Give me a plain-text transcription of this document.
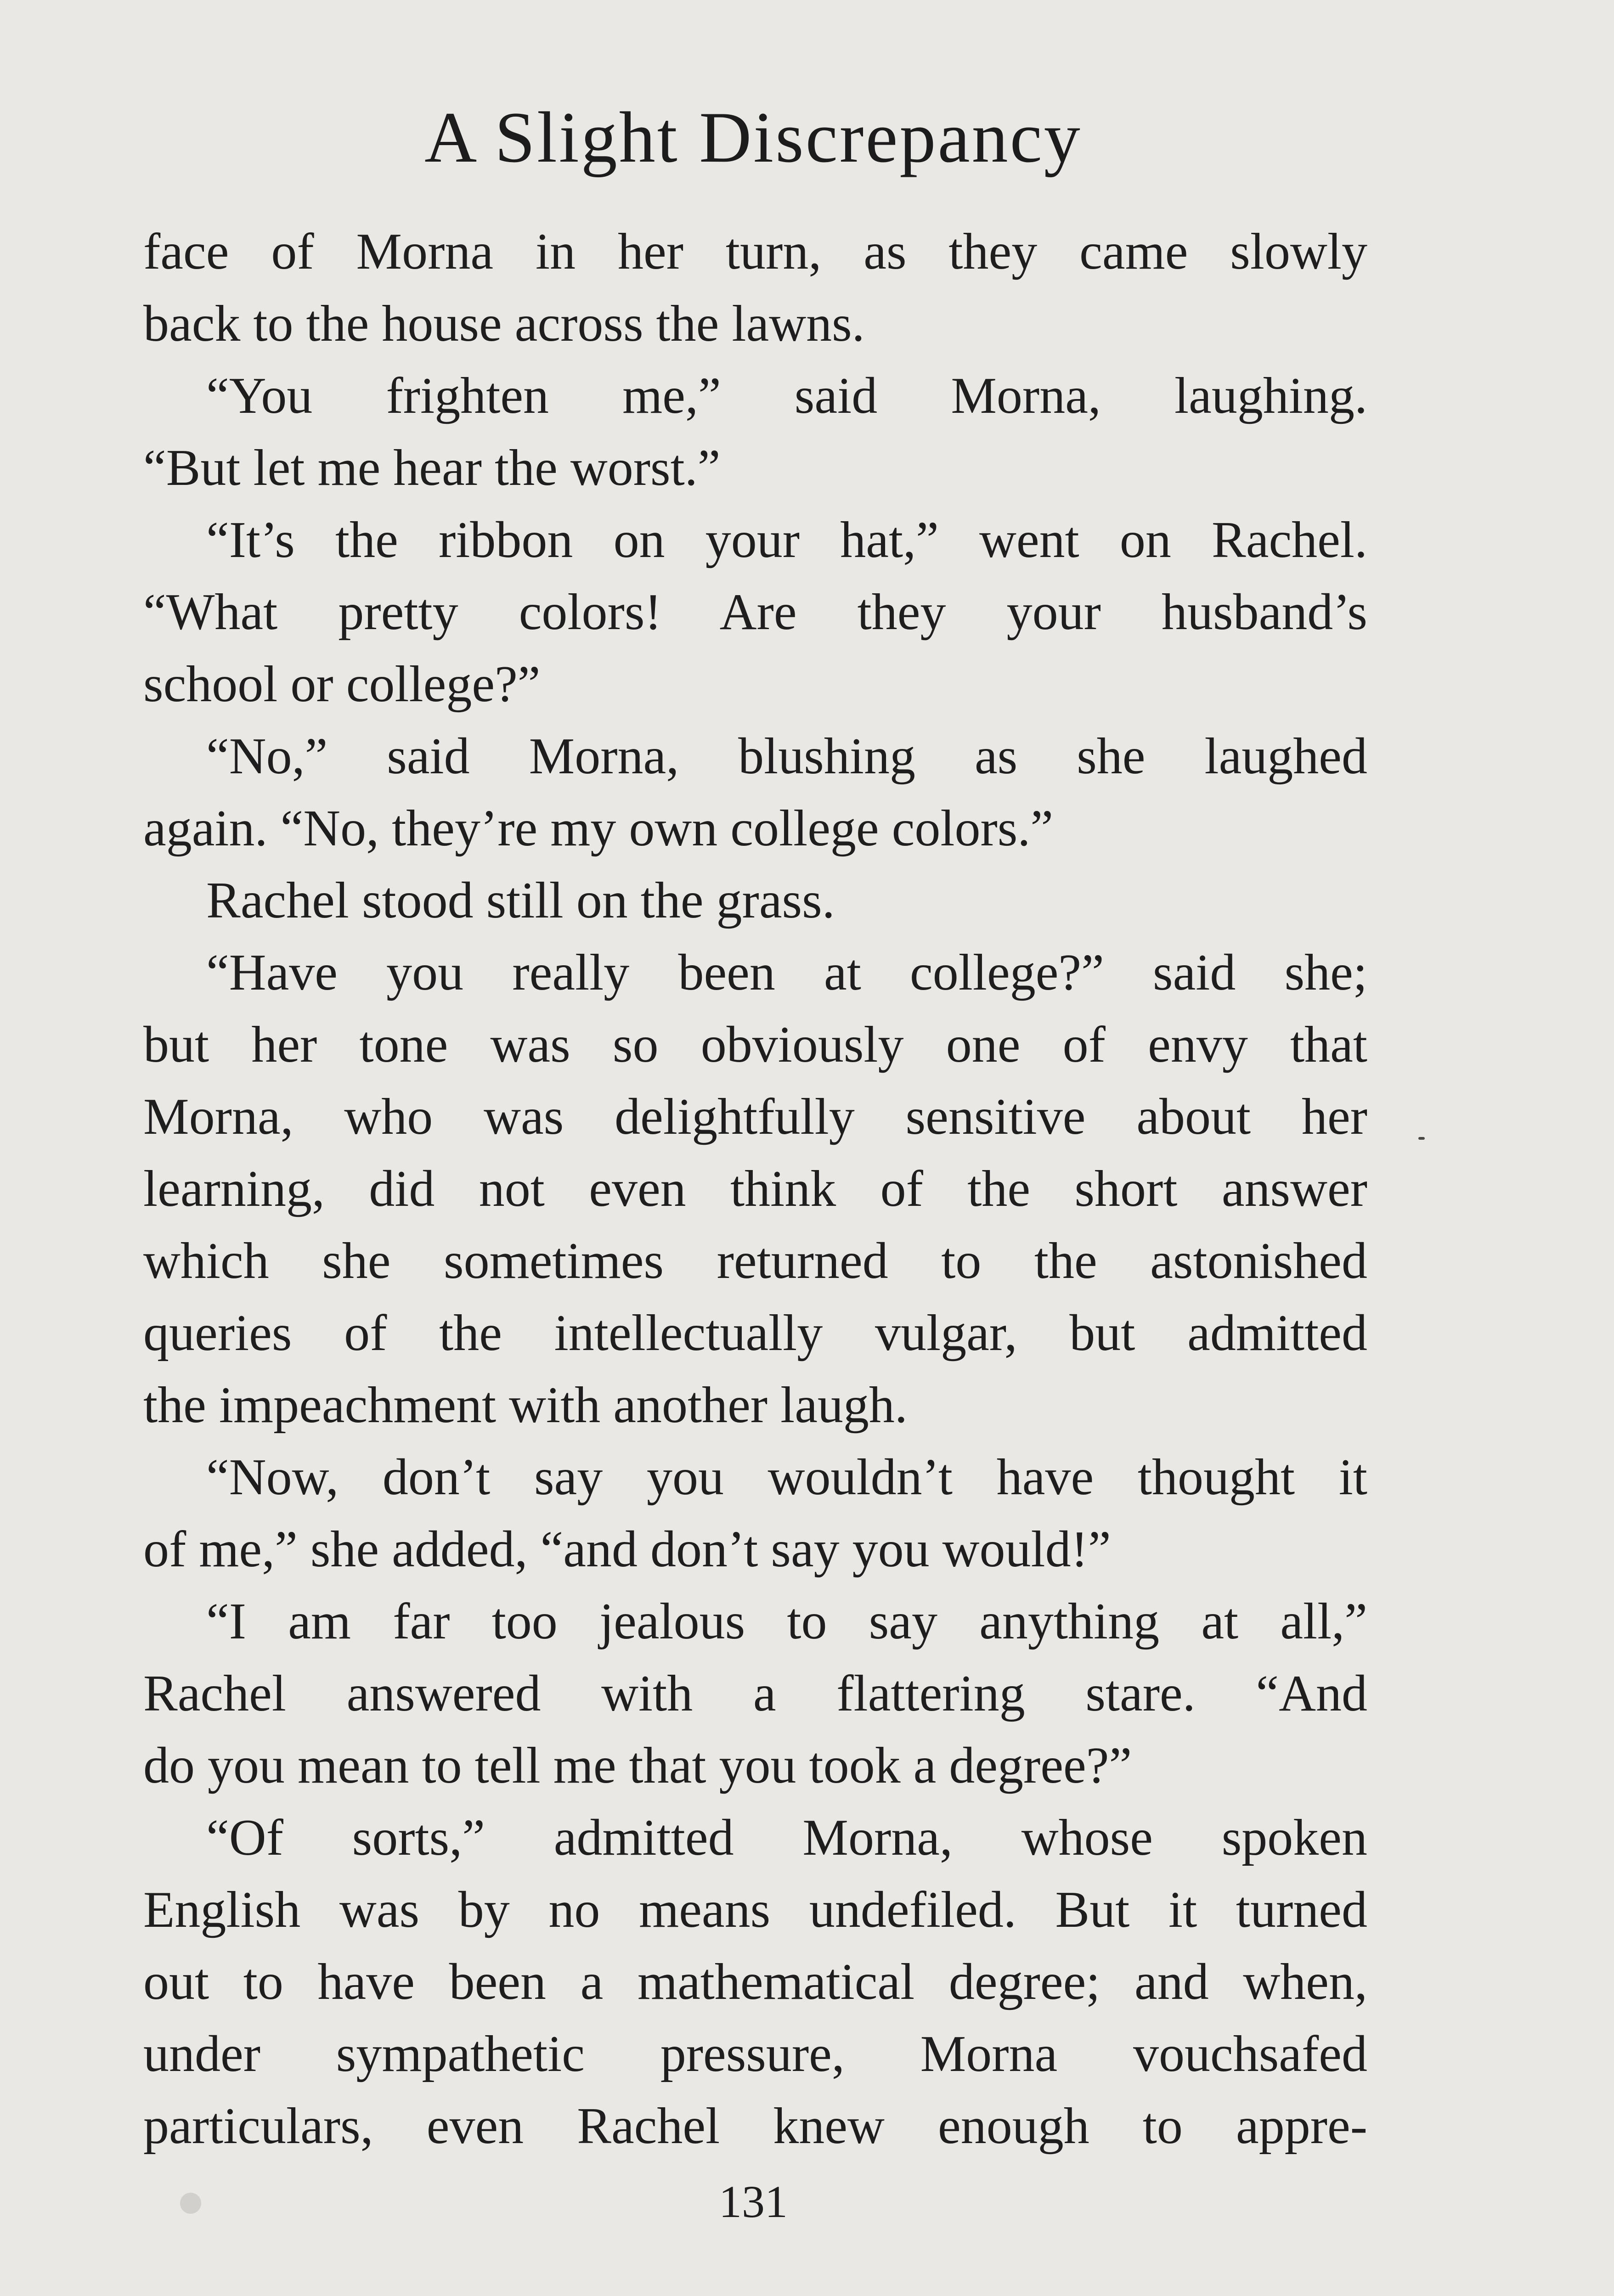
A Slight Discrepancy
face of Morna in her turn, as they came slowly
back to the house across the lawns.
“You frighten me,” said Morna, laughing.
“But let me hear the worst.”
“It’s the ribbon on your hat,” went on Rachel.
“What pretty colors! Are they your husband’s
school or college?”
“No,” said Morna, blushing as she laughed
again. “No, they’re my own college colors.”
Rachel stood still on the grass.
“Have you really been at college?” said she;
but her tone was so obviously one of envy that
Morna, who was delightfully sensitive about her
learning, did not even think of the short answer
which she sometimes returned to the astonished
queries of the intellectually vulgar, but admitted
the impeachment with another laugh.
“Now, don’t say you wouldn’t have thought it
of me,” she added, “and don’t say you would!”
“I am far too jealous to say anything at all,”
Rachel answered with a flattering stare. “And
do you mean to tell me that you took a degree?”
“Of sorts,” admitted Morna, whose spoken
English was by no means undefiled. But it turned
out to have been a mathematical degree; and when,
under sympathetic pressure, Morna vouchsafed
particulars, even Rachel knew enough to appre-
131
